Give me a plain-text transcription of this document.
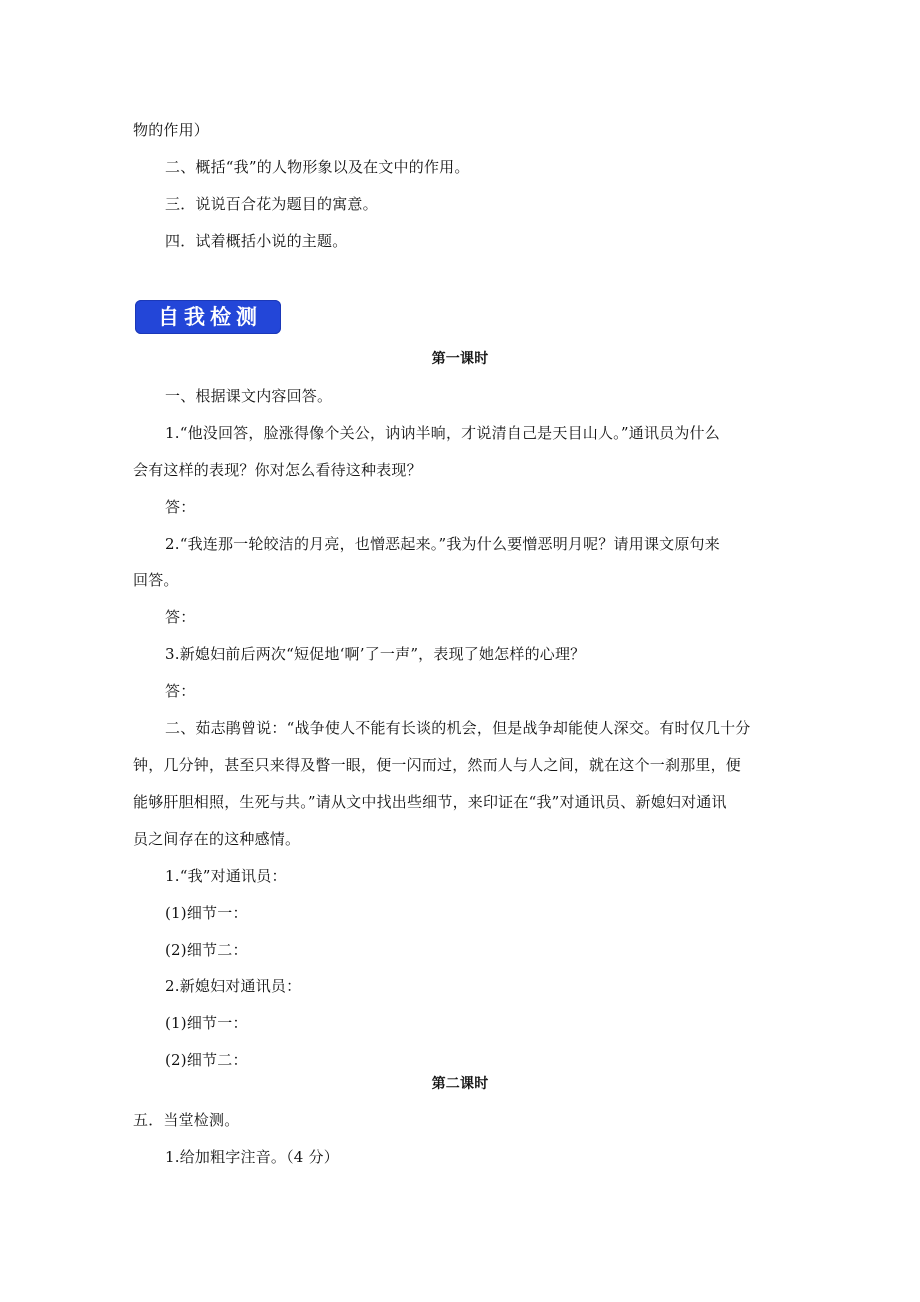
物的作用）
二、概括“我”的人物形象以及在文中的作用。
三．说说百合花为题目的寓意。
四．试着概括小说的主题。
自我检测
第一课时
一、根据课文内容回答。
1.“他没回答，脸涨得像个关公，讷讷半晌，才说清自己是天目山人。”通讯员为什么
会有这样的表现？你对怎么看待这种表现？
答：
2.“我连那一轮皎洁的月亮，也憎恶起来。”我为什么要憎恶明月呢？请用课文原句来
回答。
答：
3.新媳妇前后两次“短促地‘啊’了一声”，表现了她怎样的心理？
答：
二、茹志鹃曾说：“战争使人不能有长谈的机会，但是战争却能使人深交。有时仅几十分
钟，几分钟，甚至只来得及瞥一眼，便一闪而过，然而人与人之间，就在这个一刹那里，便
能够肝胆相照，生死与共。”请从文中找出些细节，来印证在“我”对通讯员、新媳妇对通讯
员之间存在的这种感情。
1.“我”对通讯员：
(1)细节一：
(2)细节二：
2.新媳妇对通讯员：
(1)细节一：
(2)细节二：
第二课时
五．当堂检测。
1.给加粗字注音。（4 分）
